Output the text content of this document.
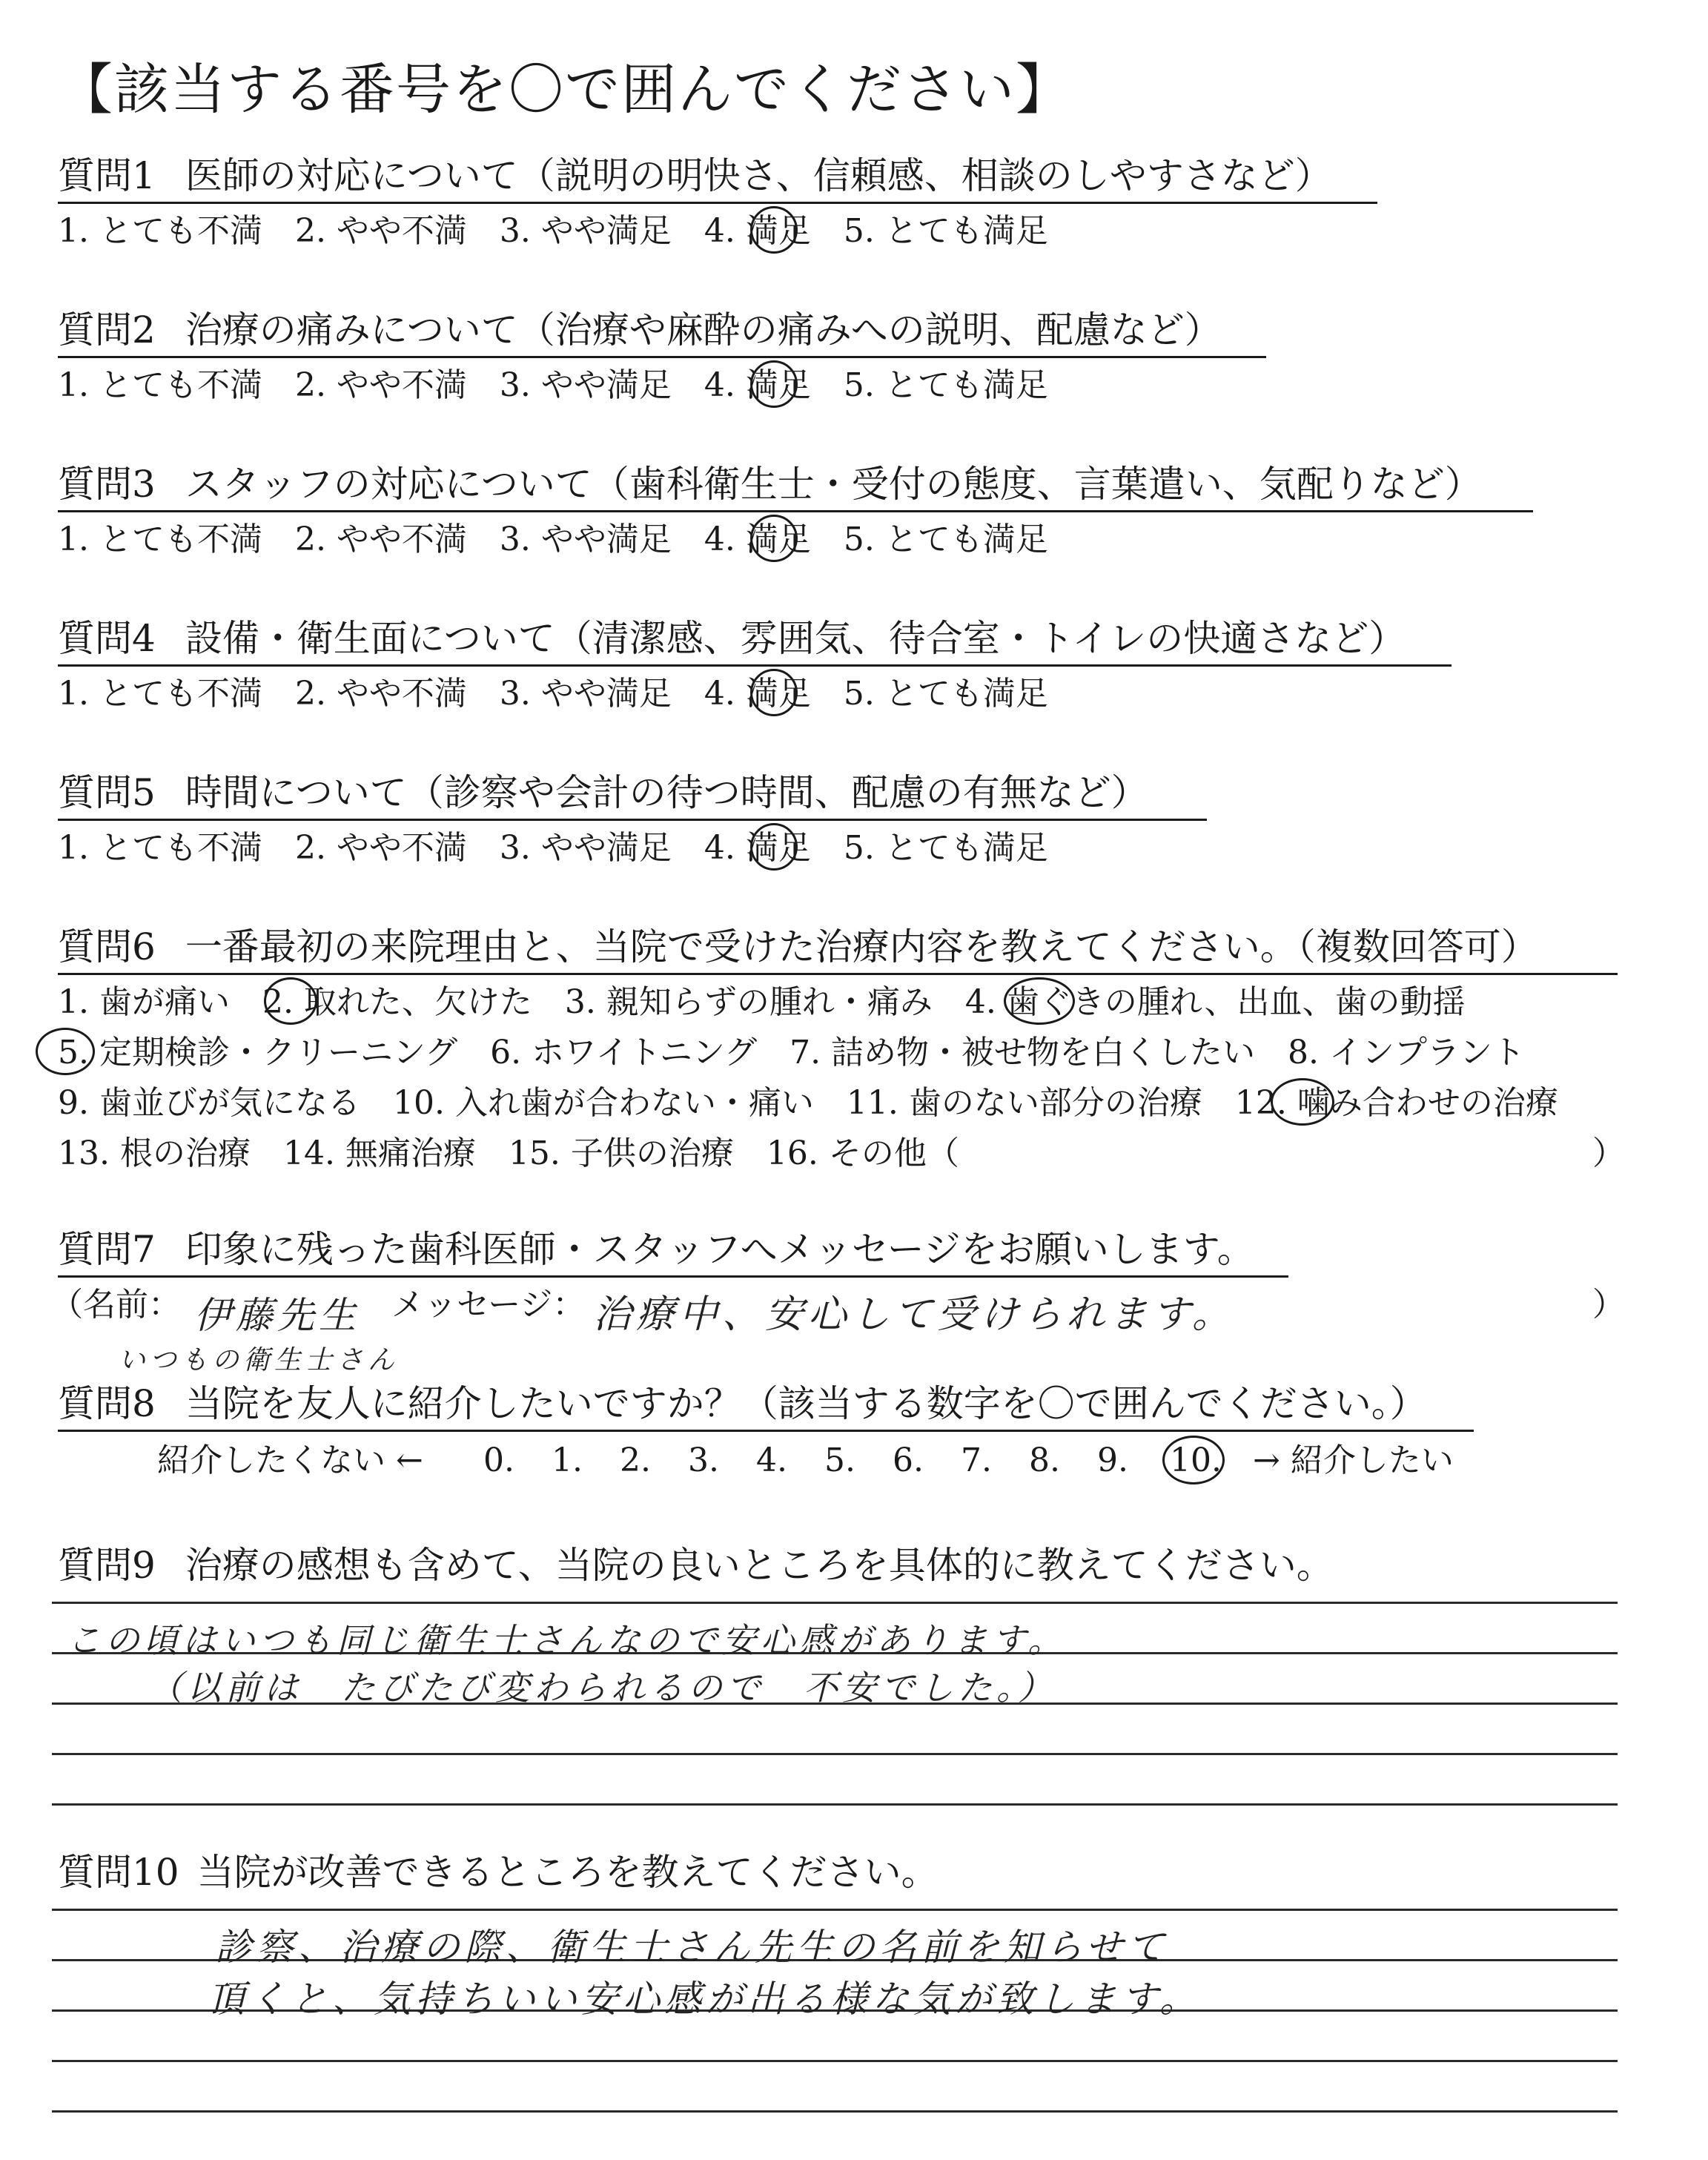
【該当する番号を〇で囲んでください】
質問1 医師の対応について（説明の明快さ、信頼感、相談のしやすさなど）
1. とても不満　2. やや不満　3. やや満足　4. 満足　5. とても満足
質問2 治療の痛みについて（治療や麻酔の痛みへの説明、配慮など）
1. とても不満　2. やや不満　3. やや満足　4. 満足　5. とても満足
質問3 スタッフの対応について（歯科衛生士・受付の態度、言葉遣い、気配りなど）
1. とても不満　2. やや不満　3. やや満足　4. 満足　5. とても満足
質問4 設備・衛生面について（清潔感、雰囲気、待合室・トイレの快適さなど）
1. とても不満　2. やや不満　3. やや満足　4. 満足　5. とても満足
質問5 時間について（診察や会計の待つ時間、配慮の有無など）
1. とても不満　2. やや不満　3. やや満足　4. 満足　5. とても満足
質問6 一番最初の来院理由と、当院で受けた治療内容を教えてください。（複数回答可）
1. 歯が痛い　2. 取れた、欠けた　3. 親知らずの腫れ・痛み　4. 歯ぐきの腫れ、出血、歯の動揺
5. 定期検診・クリーニング　6. ホワイトニング　7. 詰め物・被せ物を白くしたい　8. インプラント
9. 歯並びが気になる　10. 入れ歯が合わない・痛い　11. 歯のない部分の治療　12. 噛み合わせの治療
13. 根の治療　14. 無痛治療　15. 子供の治療　16. その他（	）
質問7 印象に残った歯科医師・スタッフへメッセージをお願いします。
（名前： 伊藤先生
いつもの衛生士さん
メッセージ： 治療中、安心して受けられます。	）
質問8 当院を友人に紹介したいですか？（該当する数字を〇で囲んでください。）
紹介したくない ← 0. 1. 2. 3. 4. 5. 6. 7. 8. 9. 10. → 紹介したい
質問9 治療の感想も含めて、当院の良いところを具体的に教えてください。
この頃はいつも同じ衛生士さんなので安心感があります。
（以前は　たびたび変わられるので　不安でした。）
質問10 当院が改善できるところを教えてください。
診察、治療の際、衛生士さん先生の名前を知らせて
頂くと、気持ちいい安心感が出る様な気が致します。
